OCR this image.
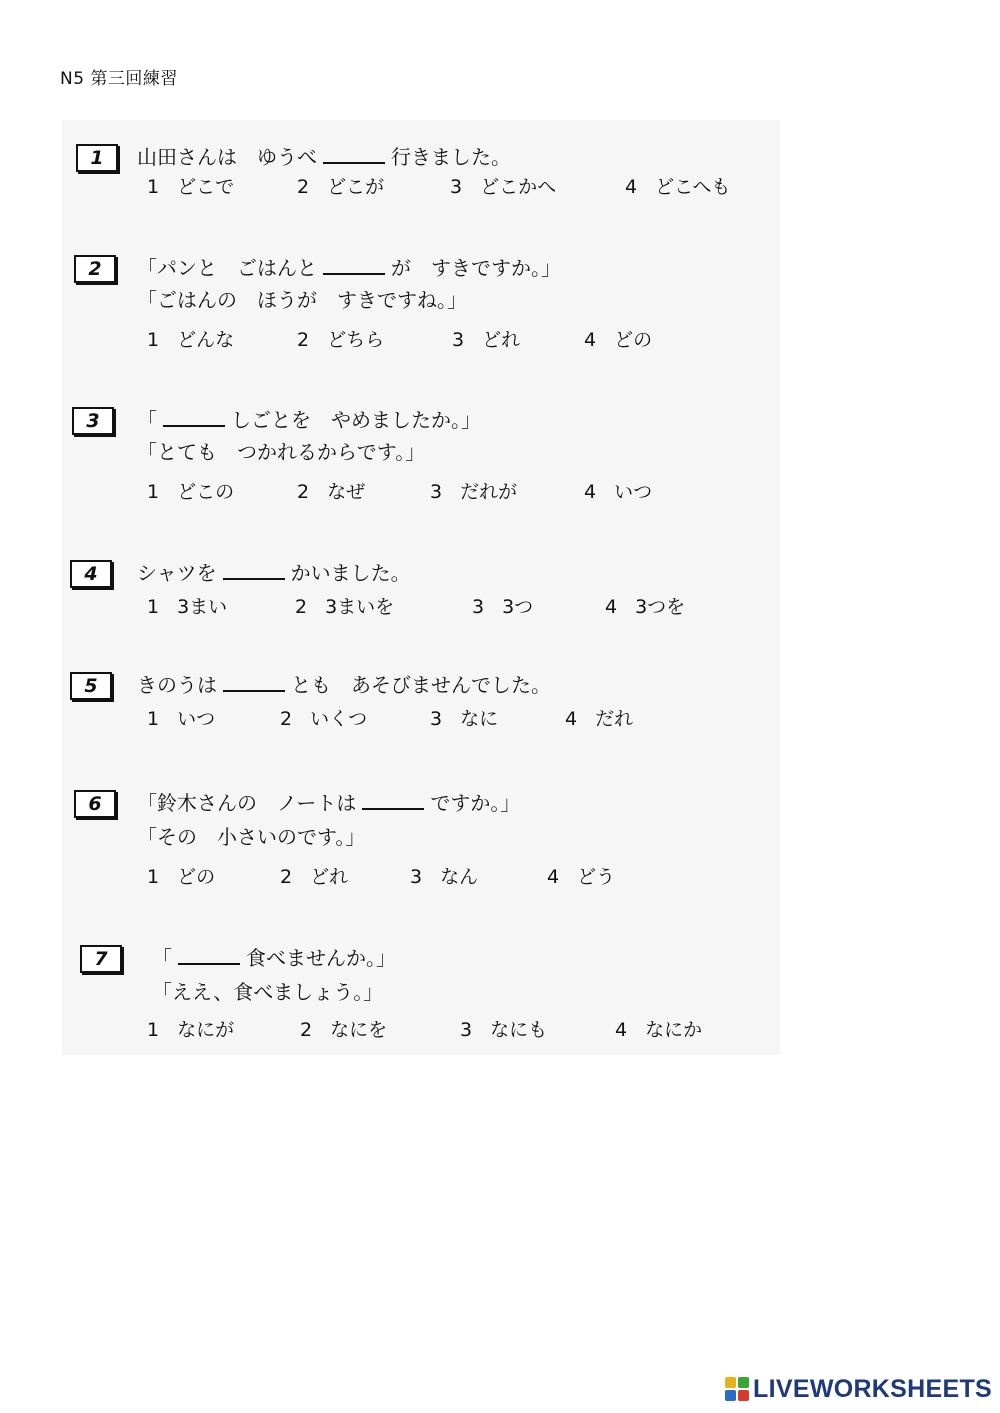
N5 第三回練習
1	山田さんは　ゆうべ	行きました。
1 どこで	2 どこが	3 どこかへ	4 どこへも
2	「パンと　ごはんと	が　すきですか。」
「ごはんの　ほうが　すきですね。」
1 どんな	2 どちら	3 どれ	4 どの
3	「	しごとを　やめましたか。」
「とても　つかれるからです。」
1 どこの	2 なぜ	3 だれが	4 いつ
4	シャツを	かいました。
1 3まい	2 3まいを	3 3つ	4 3つを
5	きのうは	とも　あそびませんでした。
1 いつ	2 いくつ	3 なに	4 だれ
6	「鈴木さんの　ノートは	ですか。」
「その　小さいのです。」
1 どの	2 どれ	3 なん	4 どう
7	「	食べませんか。」
「ええ、食べましょう。」
1 なにが	2 なにを	3 なにも	4 なにか
LIVEWORKSHEETS
